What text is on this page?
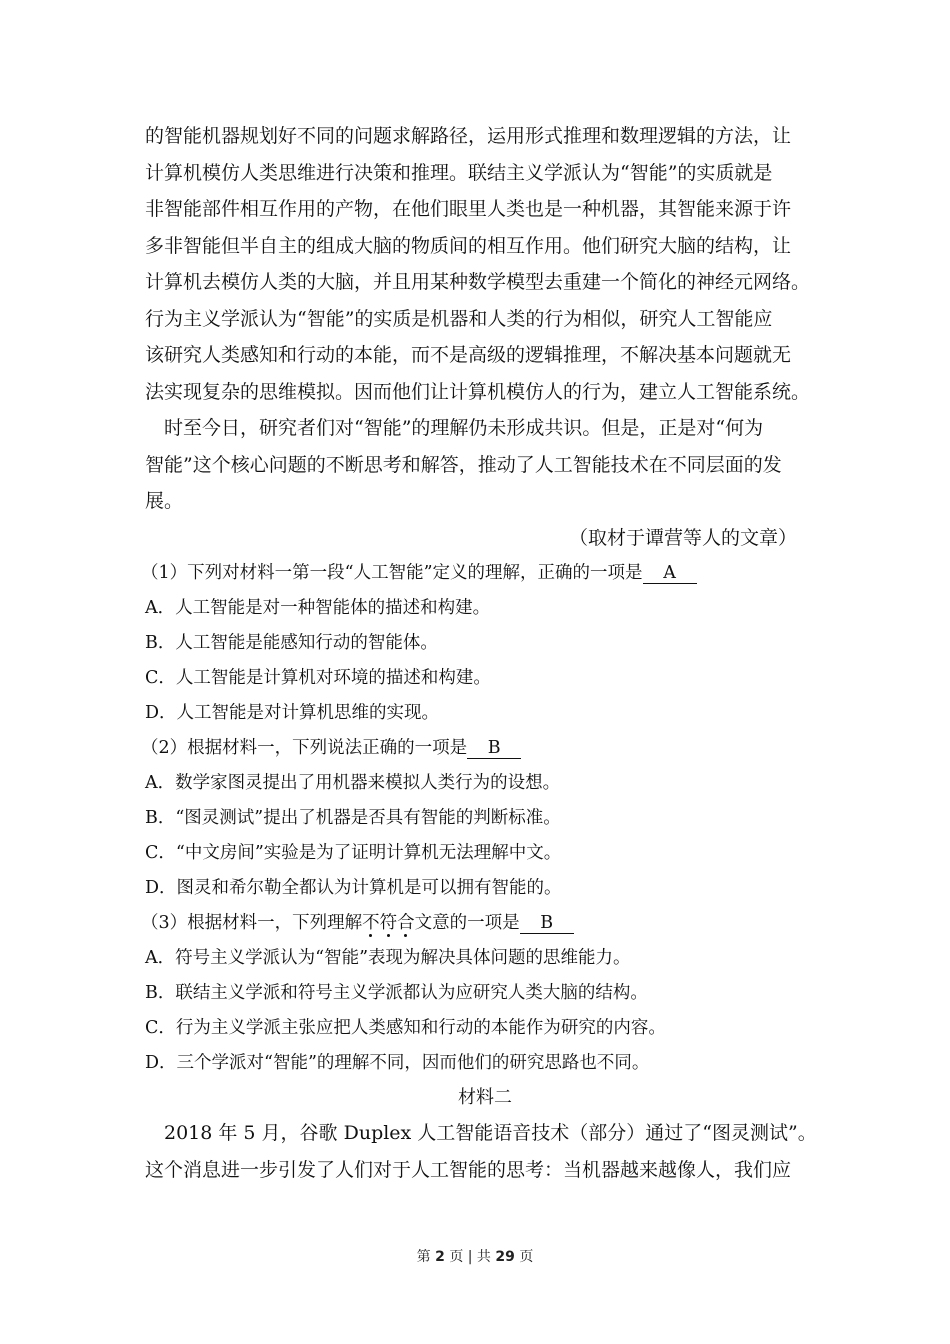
的智能机器规划好不同的问题求解路径，运用形式推理和数理逻辑的方法，让
计算机模仿人类思维进行决策和推理。联结主义学派认为“智能”的实质就是
非智能部件相互作用的产物，在他们眼里人类也是一种机器，其智能来源于许
多非智能但半自主的组成大脑的物质间的相互作用。他们研究大脑的结构，让
计算机去模仿人类的大脑，并且用某种数学模型去重建一个简化的神经元网络。
行为主义学派认为“智能”的实质是机器和人类的行为相似，研究人工智能应
该研究人类感知和行动的本能，而不是高级的逻辑推理，不解决基本问题就无
法实现复杂的思维模拟。因而他们让计算机模仿人的行为，建立人工智能系统。
时至今日，研究者们对“智能”的理解仍未形成共识。但是，正是对“何为
智能”这个核心问题的不断思考和解答，推动了人工智能技术在不同层面的发
展。
（取材于谭营等人的文章）
（1）下列对材料一第一段“人工智能”定义的理解，正确的一项是 A
A．人工智能是对一种智能体的描述和构建。
B．人工智能是能感知行动的智能体。
C．人工智能是计算机对环境的描述和构建。
D．人工智能是对计算机思维的实现。
（2）根据材料一，下列说法正确的一项是 B
A．数学家图灵提出了用机器来模拟人类行为的设想。
B．“图灵测试”提出了机器是否具有智能的判断标准。
C．“中文房间”实验是为了证明计算机无法理解中文。
D．图灵和希尔勒全都认为计算机是可以拥有智能的。
（3）根据材料一，下列理解不符合文意的一项是 B
A．符号主义学派认为“智能”表现为解决具体问题的思维能力。
B．联结主义学派和符号主义学派都认为应研究人类大脑的结构。
C．行为主义学派主张应把人类感知和行动的本能作为研究的内容。
D．三个学派对“智能”的理解不同，因而他们的研究思路也不同。
材料二
2018 年 5 月，谷歌 Duplex 人工智能语音技术（部分）通过了“图灵测试”。
这个消息进一步引发了人们对于人工智能的思考：当机器越来越像人，我们应
第 2 页 | 共 29 页
